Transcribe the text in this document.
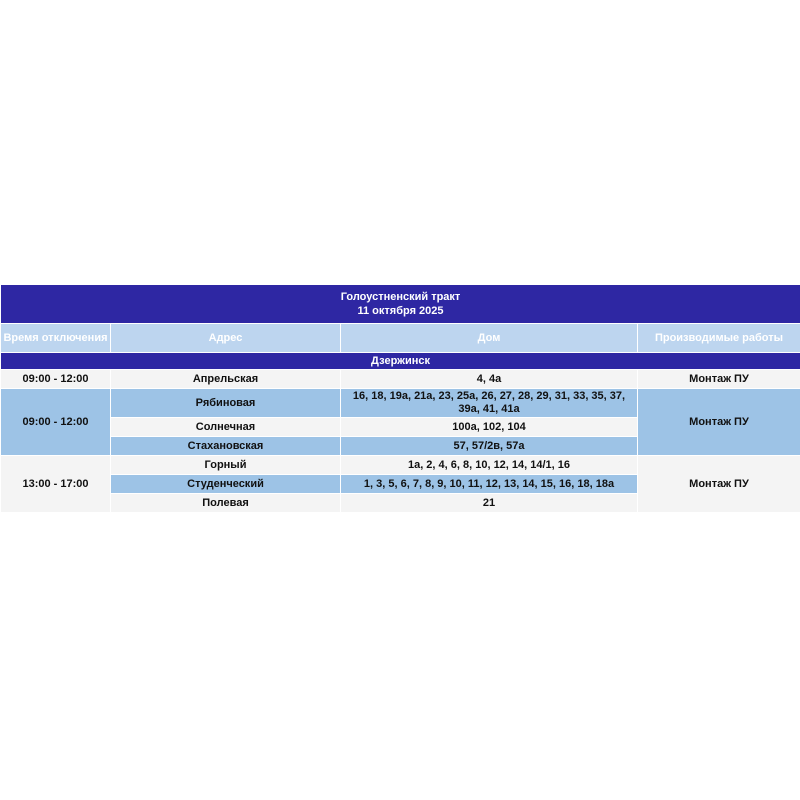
Голоустненский тракт
11 октября 2025			

Время отключения	Адрес	Дом	Производимые работы
Дзержинск			
09:00 - 12:00	Апрельская	4, 4а	Монтаж ПУ
09:00 - 12:00	Рябиновая	16, 18, 19а, 21а, 23, 25а, 26, 27, 28, 29, 31, 33, 35, 37, 39а, 41, 41а	Монтаж ПУ
	Солнечная	100а, 102, 104	
	Стахановская	57, 57/2в, 57а	
13:00 - 17:00	Горный	1а, 2, 4, 6, 8, 10, 12, 14, 14/1, 16	Монтаж ПУ
	Студенческий	1, 3, 5, 6, 7, 8, 9, 10, 11, 12, 13, 14, 15, 16, 18, 18а	
	Полевая	21	
